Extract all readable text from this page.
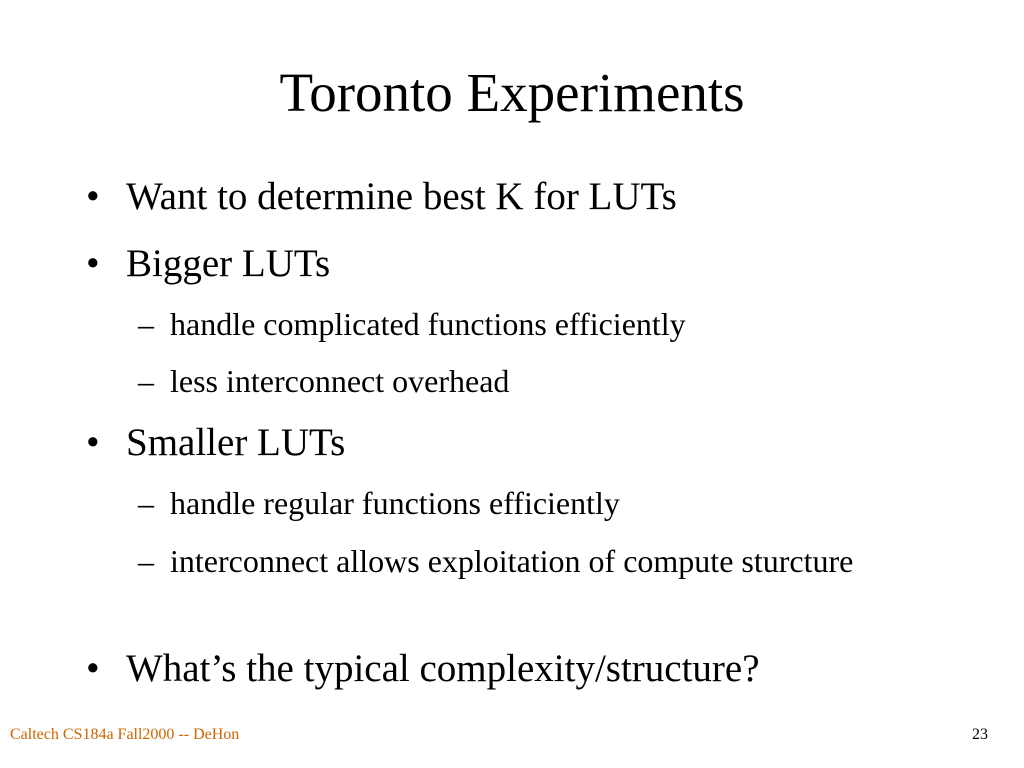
Toronto Experiments
• Want to determine best K for LUTs
• Bigger LUTs
– handle complicated functions efficiently
– less interconnect overhead
• Smaller LUTs
– handle regular functions efficiently
– interconnect allows exploitation of compute sturcture
• What’s the typical complexity/structure?
Caltech CS184a Fall2000 -- DeHon	23
